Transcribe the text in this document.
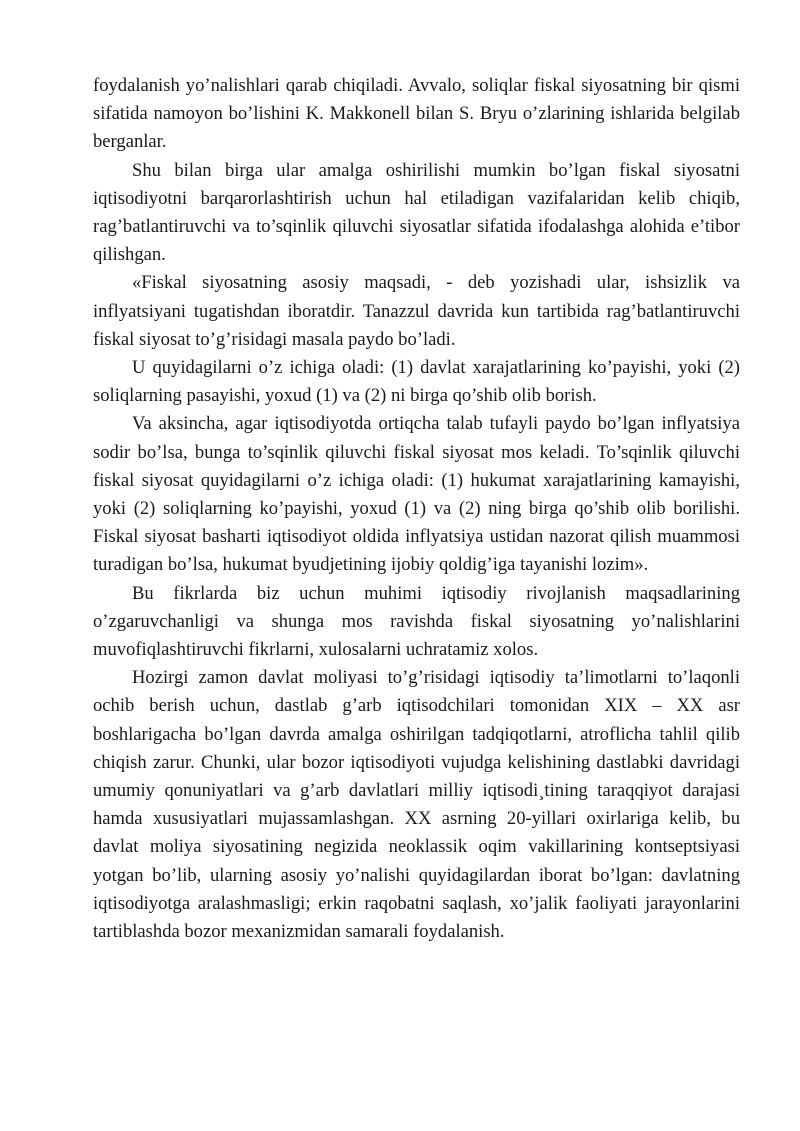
foydalanish yo’nalishlari qarab chiqiladi. Avvalo, soliqlar fiskal siyosatning bir qismi sifatida namoyon bo’lishini K. Makkonell bilan S. Bryu o’zlarining ishlarida belgilab berganlar.

Shu bilan birga ular amalga oshirilishi mumkin bo’lgan fiskal siyosatni iqtisodiyotni barqarorlashtirish uchun hal etiladigan vazifalaridan kelib chiqib, rag’batlantiruvchi va to’sqinlik qiluvchi siyosatlar sifatida ifodalashga alohida e’tibor qilishgan.

«Fiskal siyosatning asosiy maqsadi, - deb yozishadi ular, ishsizlik va inflyatsiyani tugatishdan iboratdir. Tanazzul davrida kun tartibida rag’batlantiruvchi fiskal siyosat to’g’risidagi masala paydo bo’ladi.

U quyidagilarni o’z ichiga oladi: (1) davlat xarajatlarining ko’payishi, yoki (2) soliqlarning pasayishi, yoxud (1) va (2) ni birga qo’shib olib borish.

Va aksincha, agar iqtisodiyotda ortiqcha talab tufayli paydo bo’lgan inflyatsiya sodir bo’lsa, bunga to’sqinlik qiluvchi fiskal siyosat mos keladi. To’sqinlik qiluvchi fiskal siyosat quyidagilarni o’z ichiga oladi: (1) hukumat xarajatlarining kamayishi, yoki (2) soliqlarning ko’payishi, yoxud (1) va (2) ning birga qo’shib olib borilishi. Fiskal siyosat basharti iqtisodiyot oldida inflyatsiya ustidan nazorat qilish muammosi turadigan bo’lsa, hukumat byudjetining ijobiy qoldig’iga tayanishi lozim».

Bu fikrlarda biz uchun muhimi iqtisodiy rivojlanish maqsadlarining o’zgaruvchanligi va shunga mos ravishda fiskal siyosatning yo’nalishlarini muvofiqlashtiruvchi fikrlarni, xulosalarni uchratamiz xolos.

Hozirgi zamon davlat moliyasi to’g’risidagi iqtisodiy ta’limotlarni to’laqonli ochib berish uchun, dastlab g’arb iqtisodchilari tomonidan XIX – XX asr boshlarigacha bo’lgan davrda amalga oshirilgan tadqiqotlarni, atroflicha tahlil qilib chiqish zarur. Chunki, ular bozor iqtisodiyoti vujudga kelishining dastlabki davridagi umumiy qonuniyatlari va g’arb davlatlari milliy iqtisodi¸tining taraqqiyot darajasi hamda xususiyatlari mujassamlashgan. XX asrning 20-yillari oxirlariga kelib, bu davlat moliya siyosatining negizida neoklassik oqim vakillarining kontseptsiyasi yotgan bo’lib, ularning asosiy yo’nalishi quyidagilardan iborat bo’lgan: davlatning iqtisodiyotga aralashmasligi; erkin raqobatni saqlash, xo’jalik faoliyati jarayonlarini tartiblashda bozor mexanizmidan samarali foydalanish.
